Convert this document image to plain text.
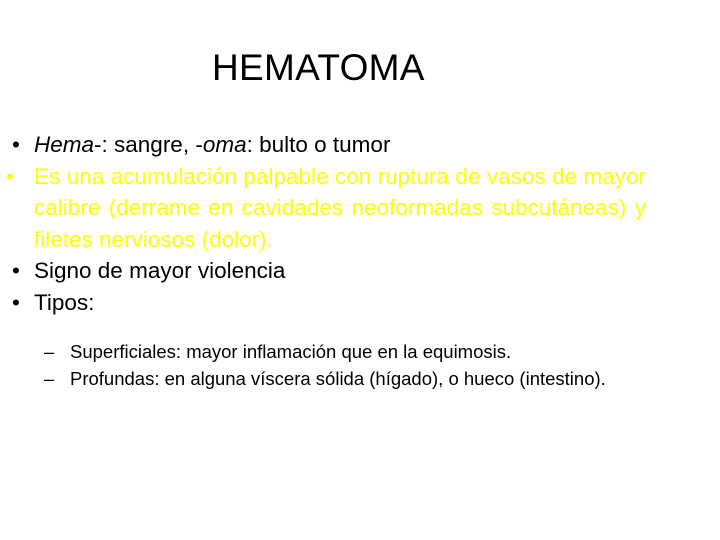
HEMATOMA
• Hema-: sangre, -oma: bulto o tumor
• Es una acumulación palpable con ruptura de vasos de mayor calibre (derrame en cavidades neoformadas subcutáneas) y filetes nerviosos (dolor).
• Signo de mayor violencia
• Tipos:
– Superficiales: mayor inflamación que en la equimosis.
– Profundas: en alguna víscera sólida (hígado), o hueco (intestino).
